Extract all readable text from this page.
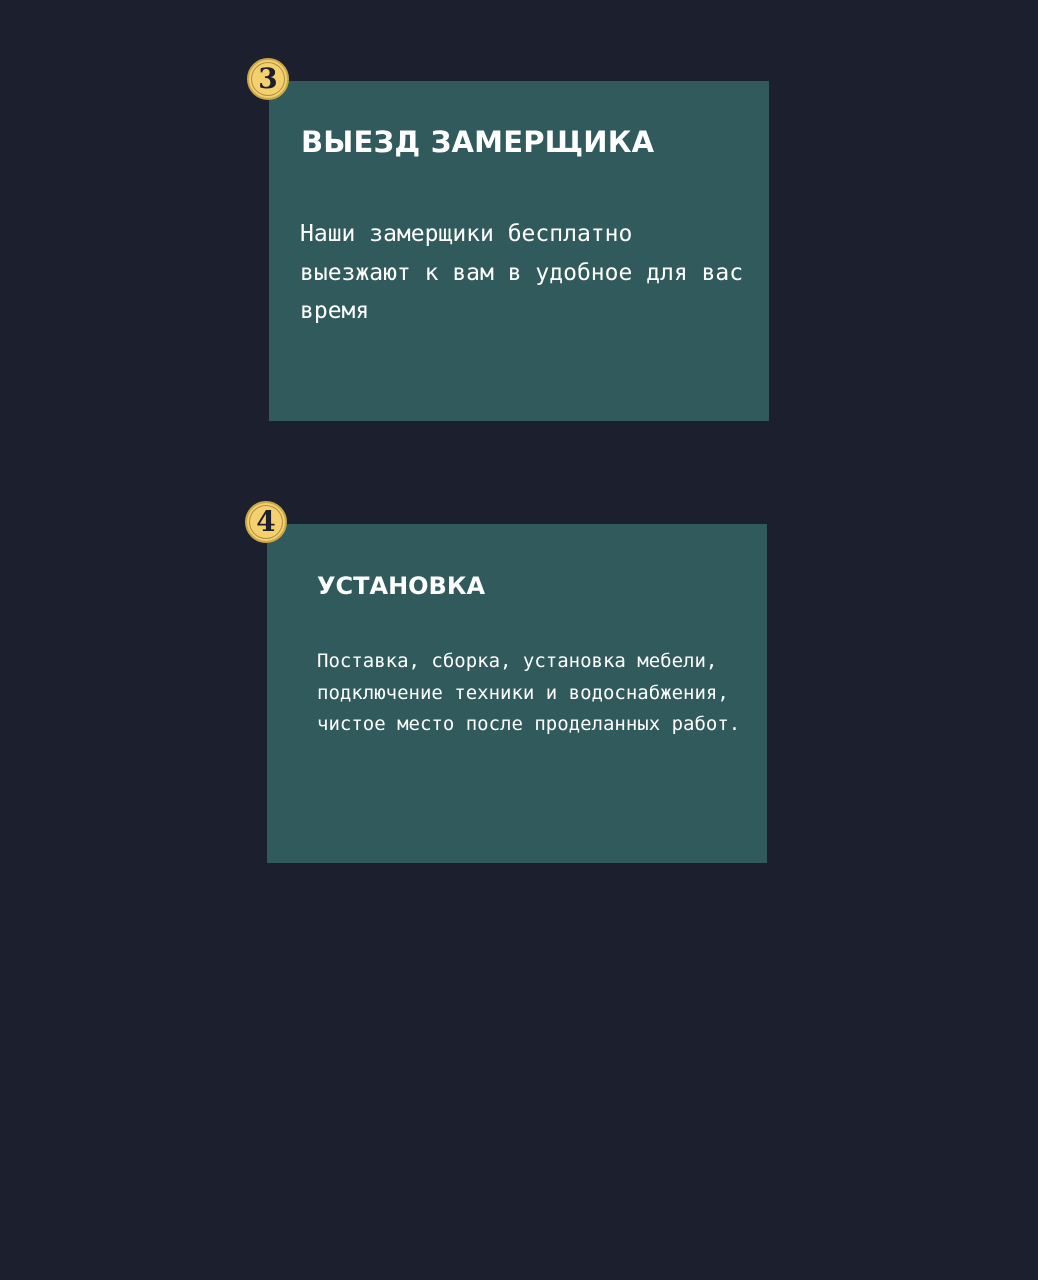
3
ВЫЕЗД ЗАМЕРЩИКА

Наши замерщики бесплатно выезжают к вам в удобное для вас время

4
УСТАНОВКА

Поставка, сборка, установка мебели, подключение техники и водоснабжения, чистое место после проделанных работ.
